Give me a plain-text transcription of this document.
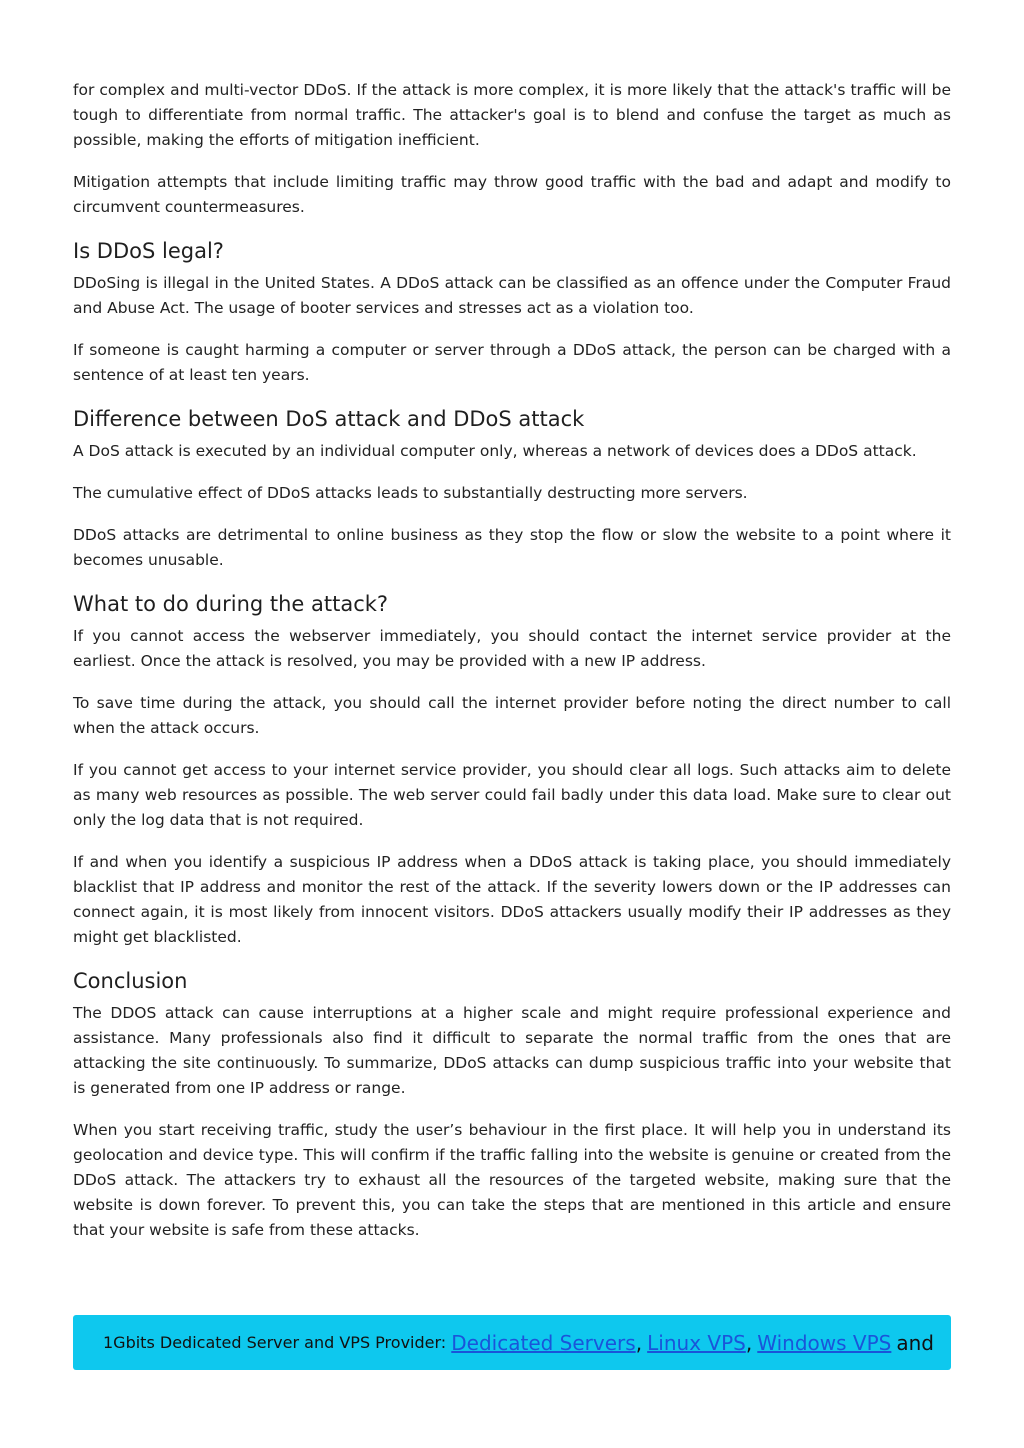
for complex and multi-vector DDoS. If the attack is more complex, it is more likely that the attack's traffic will be tough to differentiate from normal traffic. The attacker's goal is to blend and confuse the target as much as possible, making the efforts of mitigation inefficient.

Mitigation attempts that include limiting traffic may throw good traffic with the bad and adapt and modify to circumvent countermeasures.

Is DDoS legal?

DDoSing is illegal in the United States. A DDoS attack can be classified as an offence under the Computer Fraud and Abuse Act. The usage of booter services and stresses act as a violation too.

If someone is caught harming a computer or server through a DDoS attack, the person can be charged with a sentence of at least ten years.

Difference between DoS attack and DDoS attack

A DoS attack is executed by an individual computer only, whereas a network of devices does a DDoS attack.

The cumulative effect of DDoS attacks leads to substantially destructing more servers.

DDoS attacks are detrimental to online business as they stop the flow or slow the website to a point where it becomes unusable.

What to do during the attack?

If you cannot access the webserver immediately, you should contact the internet service provider at the earliest. Once the attack is resolved, you may be provided with a new IP address.

To save time during the attack, you should call the internet provider before noting the direct number to call when the attack occurs.

If you cannot get access to your internet service provider, you should clear all logs. Such attacks aim to delete as many web resources as possible. The web server could fail badly under this data load. Make sure to clear out only the log data that is not required.

If and when you identify a suspicious IP address when a DDoS attack is taking place, you should immediately blacklist that IP address and monitor the rest of the attack. If the severity lowers down or the IP addresses can connect again, it is most likely from innocent visitors. DDoS attackers usually modify their IP addresses as they might get blacklisted.

Conclusion

The DDOS attack can cause interruptions at a higher scale and might require professional experience and assistance. Many professionals also find it difficult to separate the normal traffic from the ones that are attacking the site continuously. To summarize, DDoS attacks can dump suspicious traffic into your website that is generated from one IP address or range.

When you start receiving traffic, study the user’s behaviour in the first place. It will help you in understand its geolocation and device type. This will confirm if the traffic falling into the website is genuine or created from the DDoS attack. The attackers try to exhaust all the resources of the targeted website, making sure that the website is down forever. To prevent this, you can take the steps that are mentioned in this article and ensure that your website is safe from these attacks.

1Gbits Dedicated Server and VPS Provider:
Dedicated Servers ,
Linux VPS ,
Windows VPS and
